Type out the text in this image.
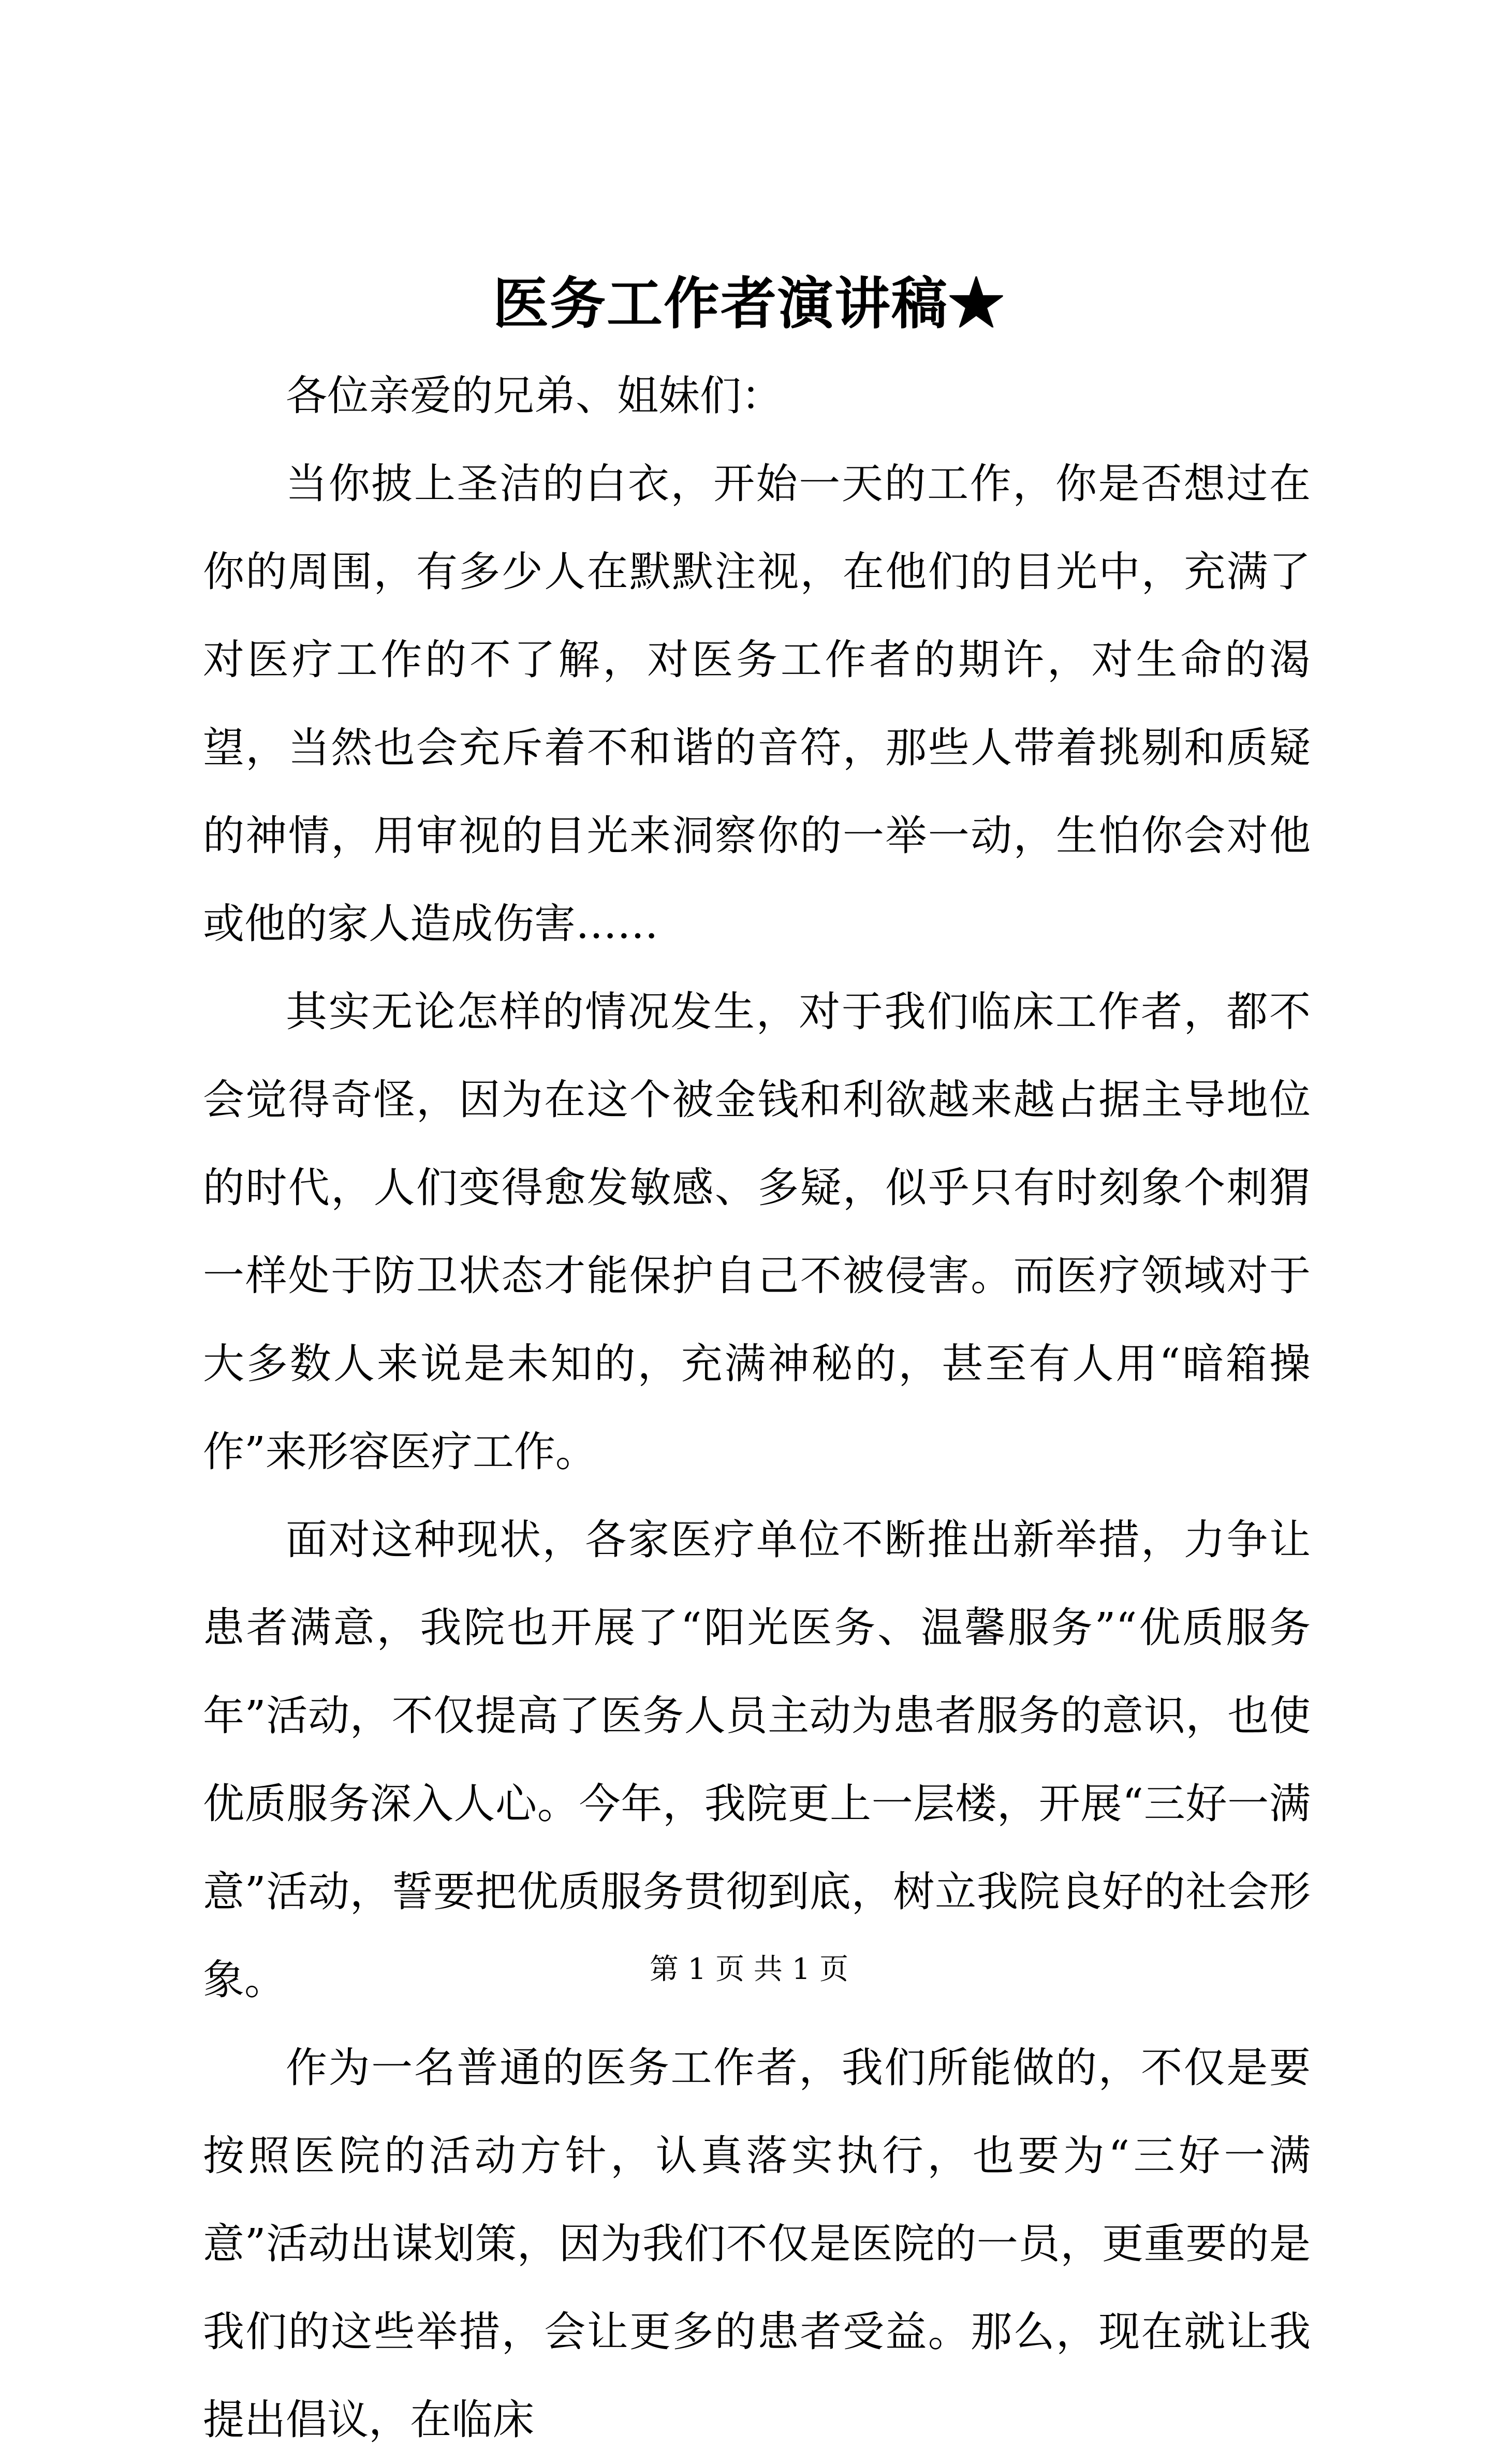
医务工作者演讲稿★

各位亲爱的兄弟、姐妹们：

当你披上圣洁的白衣，开始一天的工作，你是否想过在你的周围，有多少人在默默注视，在他们的目光中，充满了对医疗工作的不了解，对医务工作者的期许，对生命的渴望，当然也会充斥着不和谐的音符，那些人带着挑剔和质疑的神情，用审视的目光来洞察你的一举一动，生怕你会对他或他的家人造成伤害……

其实无论怎样的情况发生，对于我们临床工作者，都不会觉得奇怪，因为在这个被金钱和利欲越来越占据主导地位的时代，人们变得愈发敏感、多疑，似乎只有时刻象个刺猬一样处于防卫状态才能保护自己不被侵害。而医疗领域对于大多数人来说是未知的，充满神秘的，甚至有人用“暗箱操作”来形容医疗工作。

面对这种现状，各家医疗单位不断推出新举措，力争让患者满意，我院也开展了“阳光医务、温馨服务”“优质服务年”活动，不仅提高了医务人员主动为患者服务的意识，也使优质服务深入人心。今年，我院更上一层楼，开展“三好一满意”活动，誓要把优质服务贯彻到底，树立我院良好的社会形象。

作为一名普通的医务工作者，我们所能做的，不仅是要按照医院的活动方针，认真落实执行，也要为“三好一满意”活动出谋划策，因为我们不仅是医院的一员，更重要的是我们的这些举措，会让更多的患者受益。那么，现在就让我提出倡议，在临床

第 1 页 共 1 页
